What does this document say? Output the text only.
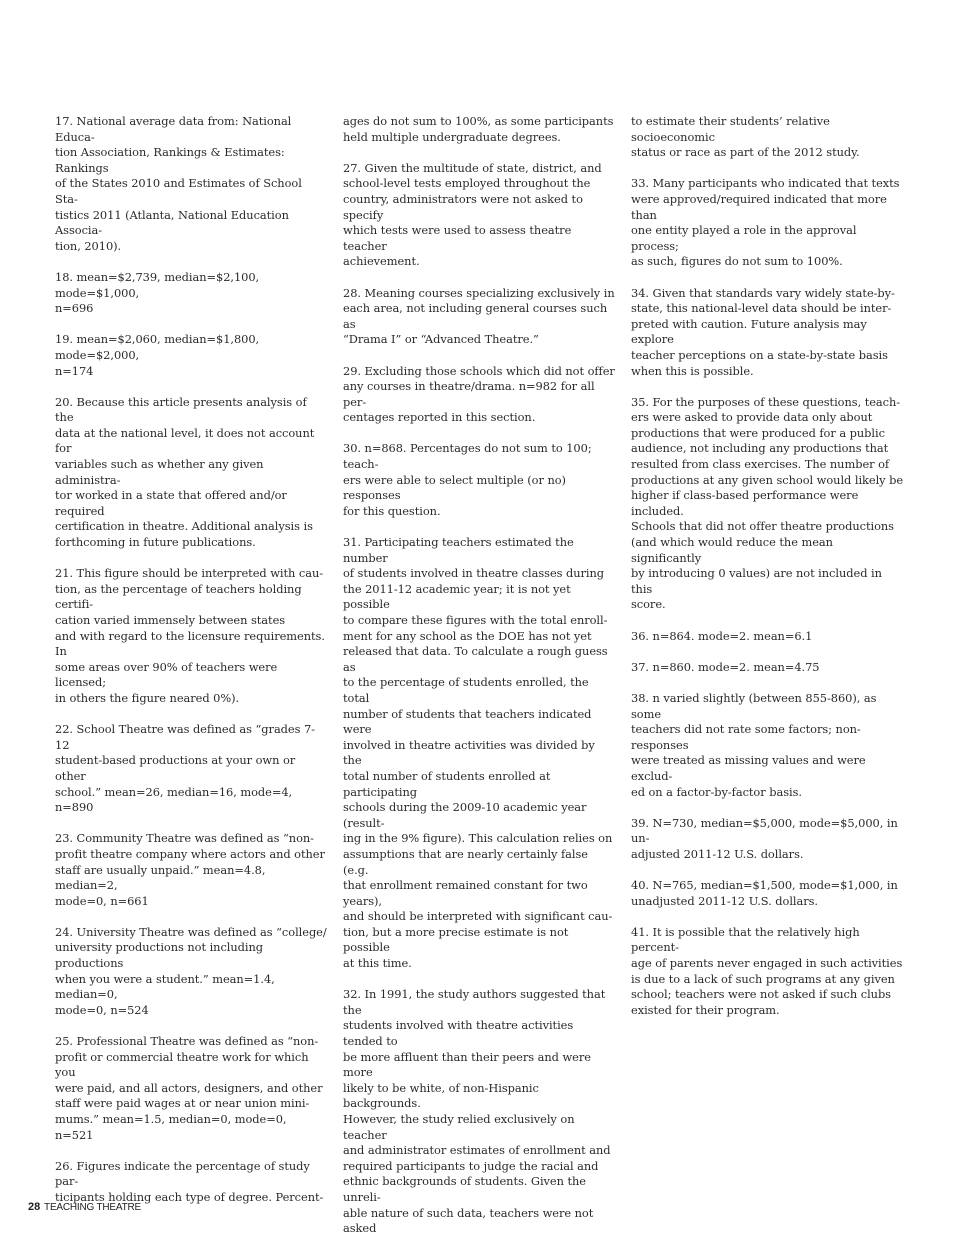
17. National average data from: National Educa-
tion Association, Rankings & Estimates: Rankings
of the States 2010 and Estimates of School Sta-
tistics 2011 (Atlanta, National Education Associa-
tion, 2010).

18. mean=$2,739, median=$2,100, mode=$1,000,
n=696

19. mean=$2,060, median=$1,800, mode=$2,000,
n=174

20. Because this article presents analysis of the
data at the national level, it does not account for
variables such as whether any given administra-
tor worked in a state that offered and/or required
certification in theatre. Additional analysis is
forthcoming in future publications.

21. This figure should be interpreted with cau-
tion, as the percentage of teachers holding certifi-
cation varied immensely between states
and with regard to the licensure requirements. In
some areas over 90% of teachers were licensed;
in others the figure neared 0%).

22. School Theatre was defined as “grades 7-12
student-based productions at your own or other
school.” mean=26, median=16, mode=4, n=890

23. Community Theatre was defined as “non-
profit theatre company where actors and other
staff are usually unpaid.” mean=4.8, median=2,
mode=0, n=661

24. University Theatre was defined as “college/
university productions not including productions
when you were a student.” mean=1.4, median=0,
mode=0, n=524

25. Professional Theatre was defined as “non-
profit or commercial theatre work for which you
were paid, and all actors, designers, and other
staff were paid wages at or near union mini-
mums.” mean=1.5, median=0, mode=0, n=521

26. Figures indicate the percentage of study par-
ticipants holding each type of degree. Percent-

ages do not sum to 100%, as some participants
held multiple undergraduate degrees.

27. Given the multitude of state, district, and
school-level tests employed throughout the
country, administrators were not asked to specify
which tests were used to assess theatre teacher
achievement.

28. Meaning courses specializing exclusively in
each area, not including general courses such as
“Drama I” or “Advanced Theatre.”

29. Excluding those schools which did not offer
any courses in theatre/drama. n=982 for all per-
centages reported in this section.

30. n=868. Percentages do not sum to 100; teach-
ers were able to select multiple (or no) responses
for this question.

31. Participating teachers estimated the number
of students involved in theatre classes during
the 2011-12 academic year; it is not yet possible
to compare these figures with the total enroll-
ment for any school as the DOE has not yet
released that data. To calculate a rough guess as
to the percentage of students enrolled, the total
number of students that teachers indicated were
involved in theatre activities was divided by the
total number of students enrolled at participating
schools during the 2009-10 academic year (result-
ing in the 9% figure). This calculation relies on
assumptions that are nearly certainly false (e.g.
that enrollment remained constant for two years),
and should be interpreted with significant cau-
tion, but a more precise estimate is not possible
at this time.

32. In 1991, the study authors suggested that the
students involved with theatre activities tended to
be more affluent than their peers and were more
likely to be white, of non-Hispanic backgrounds.
However, the study relied exclusively on teacher
and administrator estimates of enrollment and
required participants to judge the racial and
ethnic backgrounds of students. Given the unreli-
able nature of such data, teachers were not asked

to estimate their students’ relative socioeconomic
status or race as part of the 2012 study.

33. Many participants who indicated that texts
were approved/required indicated that more than
one entity played a role in the approval process;
as such, figures do not sum to 100%.

34. Given that standards vary widely state-by-
state, this national-level data should be inter-
preted with caution. Future analysis may explore
teacher perceptions on a state-by-state basis
when this is possible.

35. For the purposes of these questions, teach-
ers were asked to provide data only about
productions that were produced for a public
audience, not including any productions that
resulted from class exercises. The number of
productions at any given school would likely be
higher if class-based performance were included.
Schools that did not offer theatre productions
(and which would reduce the mean significantly
by introducing 0 values) are not included in this
score.

36. n=864. mode=2. mean=6.1

37. n=860. mode=2. mean=4.75

38. n varied slightly (between 855-860), as some
teachers did not rate some factors; non-responses
were treated as missing values and were exclud-
ed on a factor-by-factor basis.

39. N=730, median=$5,000, mode=$5,000, in un-
adjusted 2011-12 U.S. dollars.

40. N=765, median=$1,500, mode=$1,000, in
unadjusted 2011-12 U.S. dollars.

41. It is possible that the relatively high percent-
age of parents never engaged in such activities
is due to a lack of such programs at any given
school; teachers were not asked if such clubs
existed for their program.

28 TEACHING THEATRE
